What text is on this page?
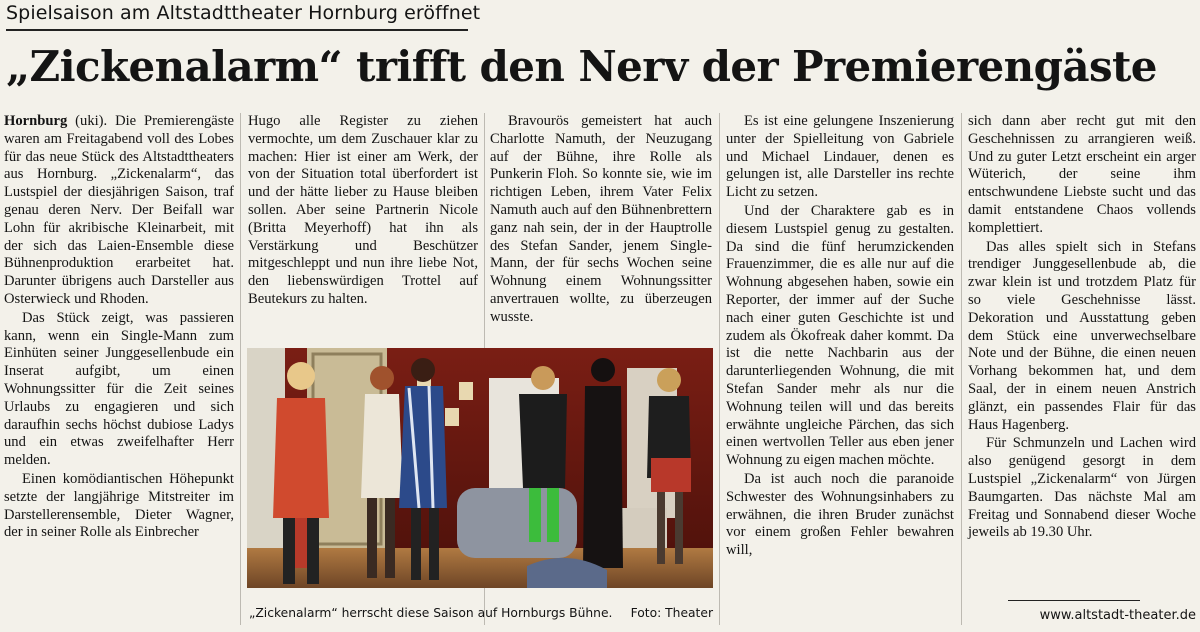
Spielsaison am Altstadttheater Hornburg eröffnet
„Zickenalarm“ trifft den Nerv der Premierengäste

Hornburg (uki). Die Premierengäste waren am Freitagabend voll des Lobes für das neue Stück des Altstadttheaters aus Hornburg. „Zickenalarm“, das Lustspiel der diesjährigen Saison, traf genau deren Nerv. Der Beifall war Lohn für akribische Kleinarbeit, mit der sich das Laien-Ensemble diese Bühnenproduktion erarbeitet hat. Darunter übrigens auch Darsteller aus Osterwieck und Rhoden.

Das Stück zeigt, was passieren kann, wenn ein Single-Mann zum Einhüten seiner Junggesellenbude ein Inserat aufgibt, um einen Wohnungssitter für die Zeit seines Urlaubs zu engagieren und sich daraufhin sechs höchst dubiose Ladys und ein etwas zweifelhafter Herr melden.

Einen komödiantischen Höhepunkt setzte der langjährige Mitstreiter im Darstellerensemble, Dieter Wagner, der in seiner Rolle als Einbrecher

Hugo alle Register zu ziehen vermochte, um dem Zuschauer klar zu machen: Hier ist einer am Werk, der von der Situation total überfordert ist und der hätte lieber zu Hause bleiben sollen. Aber seine Partnerin Nicole (Britta Meyerhoff) hat ihn als Verstärkung und Beschützer mitgeschleppt und nun ihre liebe Not, den liebenswürdigen Trottel auf Beutekurs zu halten.

Bravourös gemeistert hat auch Charlotte Namuth, der Neuzugang auf der Bühne, ihre Rolle als Punkerin Floh. So konnte sie, wie im richtigen Leben, ihrem Vater Felix Namuth auch auf den Bühnenbrettern ganz nah sein, der in der Hauptrolle des Stefan Sander, jenem Single-Mann, der für sechs Wochen seine Wohnung einem Wohnungssitter anvertrauen wollte, zu überzeugen wusste.

Es ist eine gelungene Inszenierung unter der Spielleitung von Gabriele und Michael Lindauer, denen es gelungen ist, alle Darsteller ins rechte Licht zu setzen.

Und der Charaktere gab es in diesem Lustspiel genug zu gestalten. Da sind die fünf herumzickenden Frauenzimmer, die es alle nur auf die Wohnung abgesehen haben, sowie ein Reporter, der immer auf der Suche nach einer guten Geschichte ist und zudem als Ökofreak daher kommt. Da ist die nette Nachbarin aus der darunterliegenden Wohnung, die mit Stefan Sander mehr als nur die Wohnung teilen will und das bereits erwähnte ungleiche Pärchen, das sich einen wertvollen Teller aus eben jener Wohnung zu eigen machen möchte.

Da ist auch noch die paranoide Schwester des Wohnungsinhabers zu erwähnen, die ihren Bruder zunächst vor einem großen Fehler bewahren will,

sich dann aber recht gut mit den Geschehnissen zu arrangieren weiß. Und zu guter Letzt erscheint ein arger Wüterich, der seine ihm entschwundene Liebste sucht und das damit entstandene Chaos vollends komplettiert.

Das alles spielt sich in Stefans trendiger Junggesellenbude ab, die zwar klein ist und trotzdem Platz für so viele Geschehnisse lässt. Dekoration und Ausstattung geben dem Stück eine unverwechselbare Note und der Bühne, die einen neuen Vorhang bekommen hat, und dem Saal, der in einem neuen Anstrich glänzt, ein passendes Flair für das Haus Hagenberg.

Für Schmunzeln und Lachen wird also genügend gesorgt in dem Lustspiel „Zickenalarm“ von Jürgen Baumgarten. Das nächste Mal am Freitag und Sonnabend dieser Woche jeweils ab 19.30 Uhr.

„Zickenalarm“ herrscht diese Saison auf Hornburgs Bühne. Foto: Theater	www.altstadt-theater.de
